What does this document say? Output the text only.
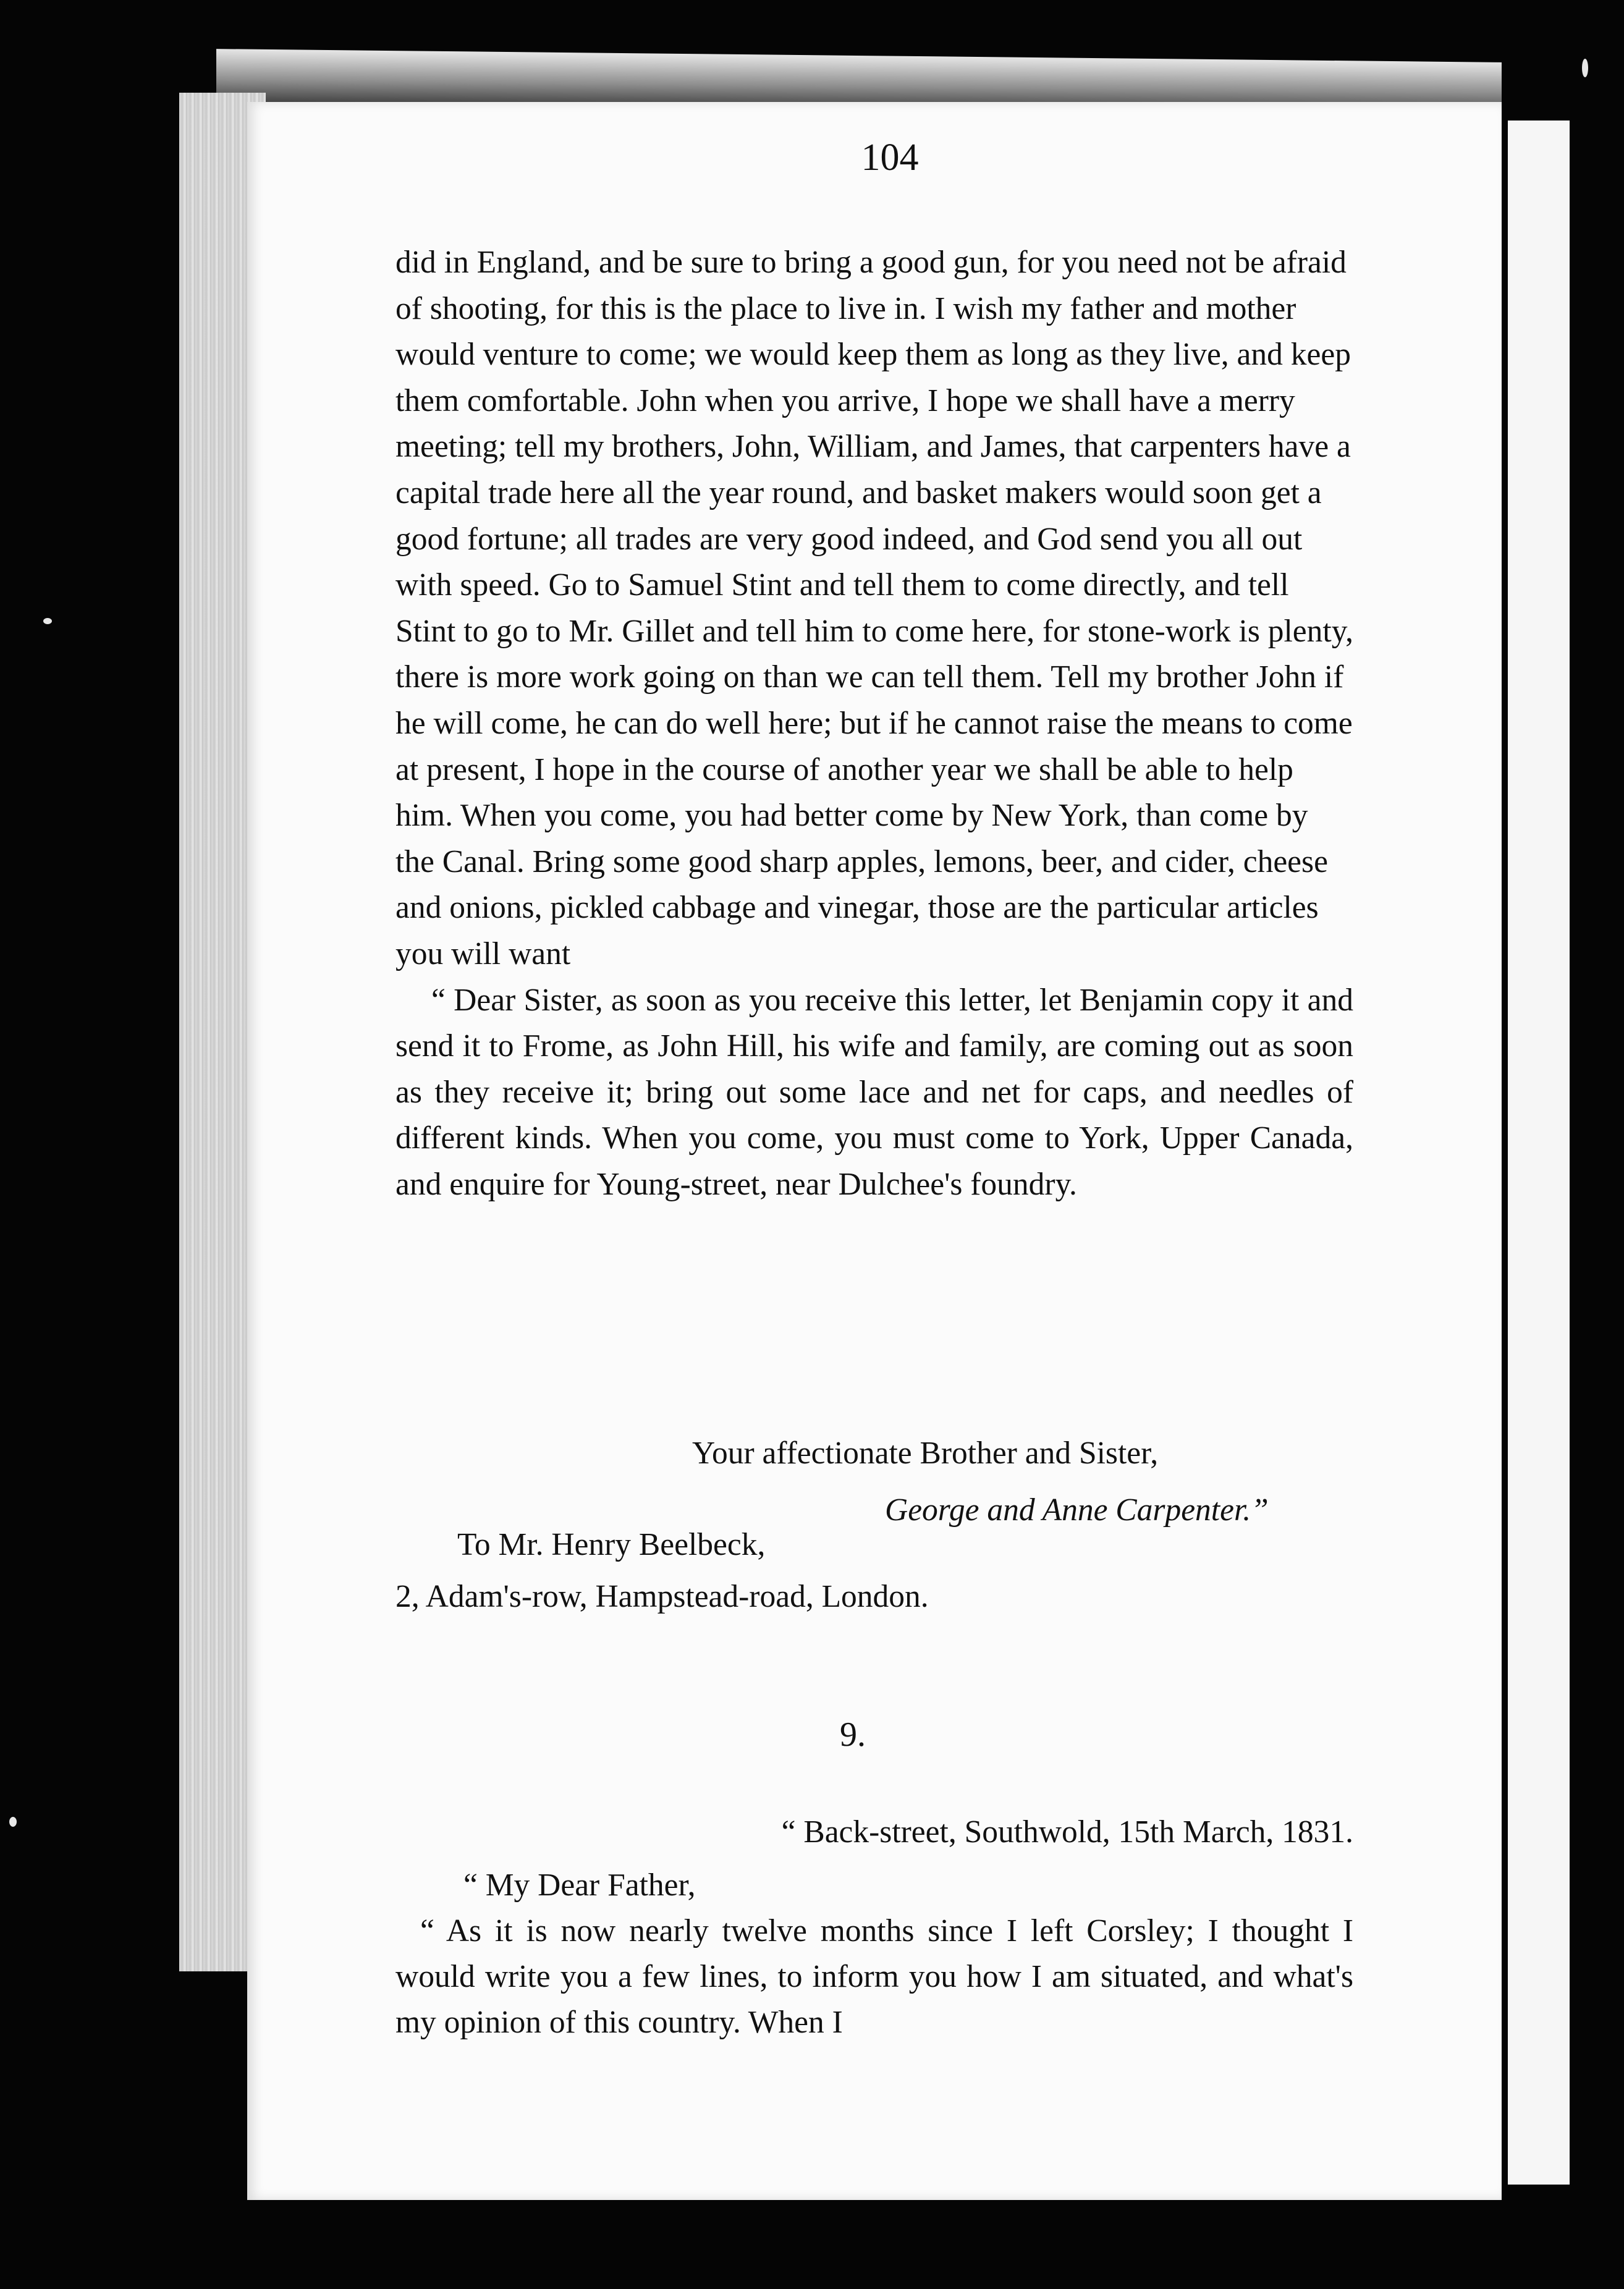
104

did in England, and be sure to bring a good gun, for you need not be afraid of shooting, for this is the place to live in. I wish my father and mother would venture to come; we would keep them as long as they live, and keep them comfortable. John when you arrive, I hope we shall have a merry meeting; tell my brothers, John, William, and James, that carpenters have a capital trade here all the year round, and basket makers would soon get a good fortune; all trades are very good indeed, and God send you all out with speed. Go to Samuel Stint and tell them to come directly, and tell Stint to go to Mr. Gillet and tell him to come here, for stone-work is plenty, there is more work going on than we can tell them. Tell my brother John if he will come, he can do well here; but if he cannot raise the means to come at present, I hope in the course of another year we shall be able to help him. When you come, you had better come by New York, than come by the Canal. Bring some good sharp apples, lemons, beer, and cider, cheese and onions, pickled cabbage and vinegar, those are the particular articles you will want

“ Dear Sister, as soon as you receive this letter, let Benjamin copy it and send it to Frome, as John Hill, his wife and family, are coming out as soon as they receive it; bring out some lace and net for caps, and needles of different kinds. When you come, you must come to York, Upper Canada, and enquire for Young-street, near Dulchee's foundry.

Your affectionate Brother and Sister,
George and Anne Carpenter.”
To Mr. Henry Beelbeck,
2, Adam's-row, Hampstead-road, London.
9.

“ Back-street, Southwold, 15th March, 1831.

“ My Dear Father,

“ As it is now nearly twelve months since I left Corsley; I thought I would write you a few lines, to inform you how I am situated, and what's my opinion of this country. When I
